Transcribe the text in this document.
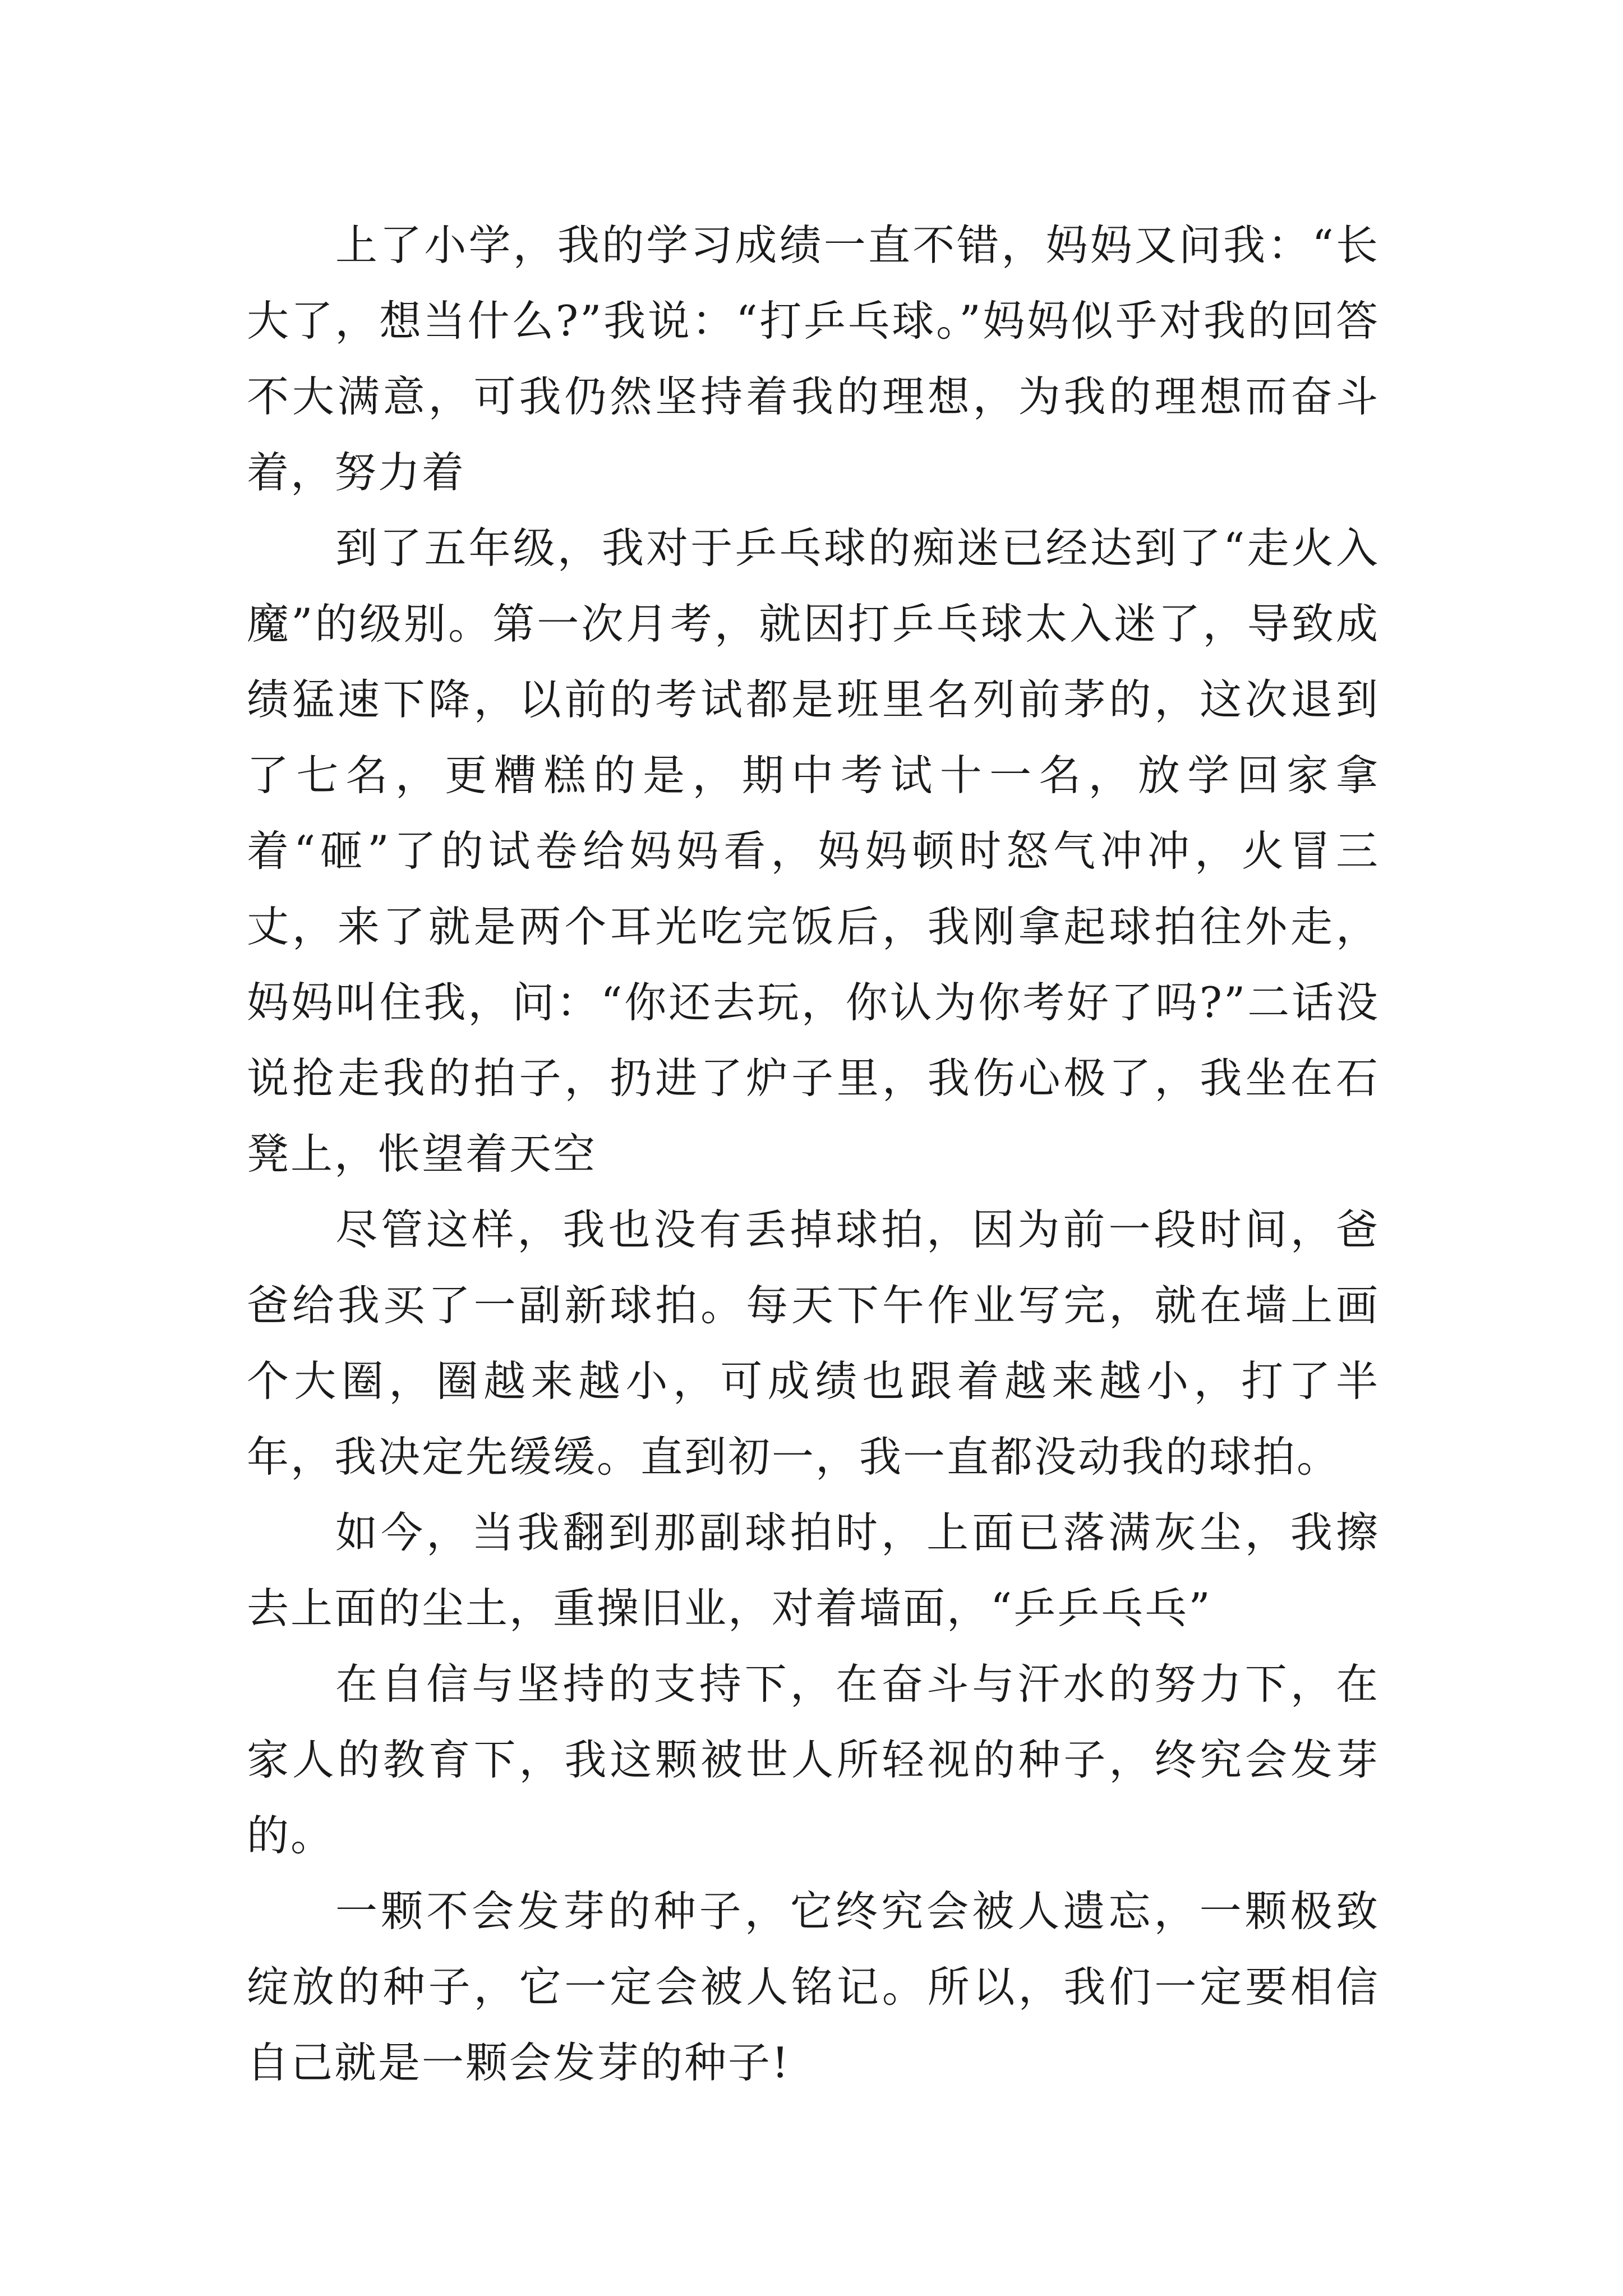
上了小学，我的学习成绩一直不错，妈妈又问我：“长大了，想当什么?”我说：“打乒乓球。”妈妈似乎对我的回答不大满意，可我仍然坚持着我的理想，为我的理想而奋斗着，努力着

到了五年级，我对于乒乓球的痴迷已经达到了“走火入魔”的级别。第一次月考，就因打乒乓球太入迷了，导致成绩猛速下降，以前的考试都是班里名列前茅的，这次退到了七名，更糟糕的是，期中考试十一名，放学回家拿着“砸”了的试卷给妈妈看，妈妈顿时怒气冲冲，火冒三丈，来了就是两个耳光吃完饭后，我刚拿起球拍往外走，妈妈叫住我，问：“你还去玩，你认为你考好了吗?”二话没说抢走我的拍子，扔进了炉子里，我伤心极了，我坐在石凳上，怅望着天空

尽管这样，我也没有丢掉球拍，因为前一段时间，爸爸给我买了一副新球拍。每天下午作业写完，就在墙上画个大圈，圈越来越小，可成绩也跟着越来越小，打了半年，我决定先缓缓。直到初一，我一直都没动我的球拍。

如今，当我翻到那副球拍时，上面已落满灰尘，我擦去上面的尘土，重操旧业，对着墙面，“乒乒乓乓”

在自信与坚持的支持下，在奋斗与汗水的努力下，在家人的教育下，我这颗被世人所轻视的种子，终究会发芽的。

一颗不会发芽的种子，它终究会被人遗忘，一颗极致绽放的种子，它一定会被人铭记。所以，我们一定要相信自己就是一颗会发芽的种子!
